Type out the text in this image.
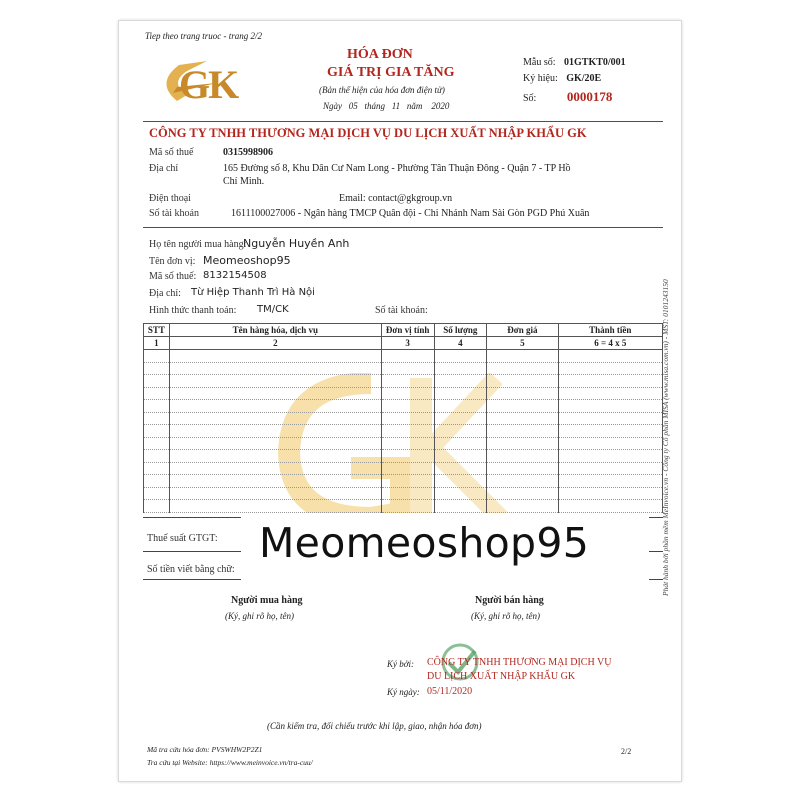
Tiep theo trang truoc - trang 2/2
GK
HÓA ĐƠN
GIÁ TRỊ GIA TĂNG
(Bản thể hiện của hóa đơn điện tử)
Ngày 05 tháng 11 năm 2020
Mẫu số: 01GTKT0/001
Ký hiệu: GK/20E
Số: 0000178
CÔNG TY TNHH THƯƠNG MẠI DỊCH VỤ DU LỊCH XUẤT NHẬP KHẨU GK
Mã số thuế	0315998906
Địa chỉ	165 Đường số 8, Khu Dân Cư Nam Long - Phường Tân Thuận Đông - Quận 7 - TP Hồ
Chí Minh.
Điện thoại	Email: contact@gkgroup.vn
Số tài khoản	1611100027006 - Ngân hàng TMCP Quân đội - Chi Nhánh Nam Sài Gòn PGD Phú Xuân
Họ tên người mua hàng:
Nguyễn Huyền Anh
Tên đơn vị: Meomeoshop95
Mã số thuế: 8132154508
Địa chỉ: Từ Hiệp Thanh Trì Hà Nội
Hình thức thanh toán: TM/CK	Số tài khoản:
STT	Tên hàng hóa, dịch vụ	Đơn vị tính	Số lượng	Đơn giá	Thành tiền
1	2	3	4	5	6 = 4 x 5

Thuế suất GTGT:
Số tiền viết bằng chữ:
Người mua hàng
(Ký, ghi rõ họ, tên)
Người bán hàng
(Ký, ghi rõ họ, tên)
Ký bởi: CÔNG TY TNHH THƯƠNG MẠI DỊCH VỤ
DU LỊCH XUẤT NHẬP KHẨU GK
Ký ngày: 05/11/2020
(Cần kiểm tra, đối chiếu trước khi lập, giao, nhận hóa đơn)
Mã tra cứu hóa đơn: PVSWHW2P2Z1
Tra cứu tại Website: https://www.meinvoice.vn/tra-cuu/
2/2
Phát hành bởi phần mềm MeInvoice.vn - Công ty Cổ phần MISA (www.misa.com.vn) - MST: 0101243150
Meomeoshop95
